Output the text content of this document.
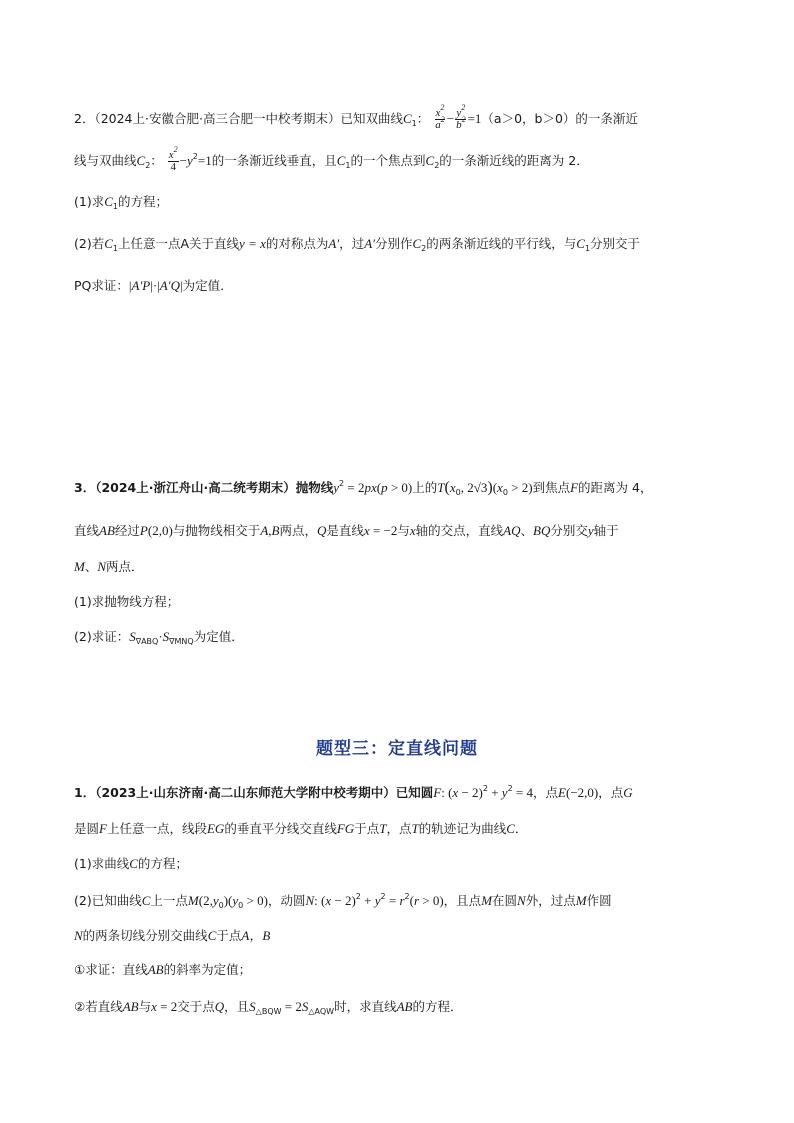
2．（2024上·安徽合肥·高三合肥一中校考期末）已知双曲线$C_1$： $\frac{x^2}{a^2} - \frac{y^2}{b^2} =1(a>0$，b＞0）的一条渐近
线与双曲线$C_2$： $\frac{x^2}{4} -y^2=1$的一条渐近线垂直，且$C_1$的一个焦点到$C_2$的一条渐近线的距离为 2．
(1)求$C_1$的方程；
(2)若$C_1$上任意一点A关于直线y = x的对称点为A′，过A′分别作$C_2$的两条渐近线的平行线，与$C_1$分别交于
PQ求证：|A′P|·|A′Q|为定值．
3．（2024上·浙江舟山·高二统考期末）抛物线$y^2 = 2px(p > 0)$上的$T(x_0$, $2√3)(x_0 > 2)$到焦点F的距离为 4，
直线AB经过P(2,0)与抛物线相交于A,B两点，Q是直线x = −2与x轴的交点，直线AQ、BQ分别交y轴于
M、N两点．
(1)求抛物线方程；
(2)求证：$S_{\nabla ABQ}\cdot S_{\nabla MNQ}$为定值．
题型三：定直线问题
1．（2023上·山东济南·高二山东师范大学附中校考期中）已知圆F: $(x - 2)^2 + y^2 = 4$，点E(−2,0)，点G
是圆F上任意一点，线段EG的垂直平分线交直线FG于点T，点T的轨迹记为曲线C．
(1)求曲线C的方程；
(2)已知曲线C上一点$M(2,y_0)(y_0 > 0)$，动圆N: $(x - 2)^2 + y^2 = r^2(r > 0)$，且点M在圆N外，过点M作圆
N的两条切线分别交曲线C于点A，B
①求证：直线AB的斜率为定值；
②若直线AB与x = 2交于点Q，且$S_{\triangle BQW} = 2S_{\triangle AQW}$时，求直线AB的方程．
